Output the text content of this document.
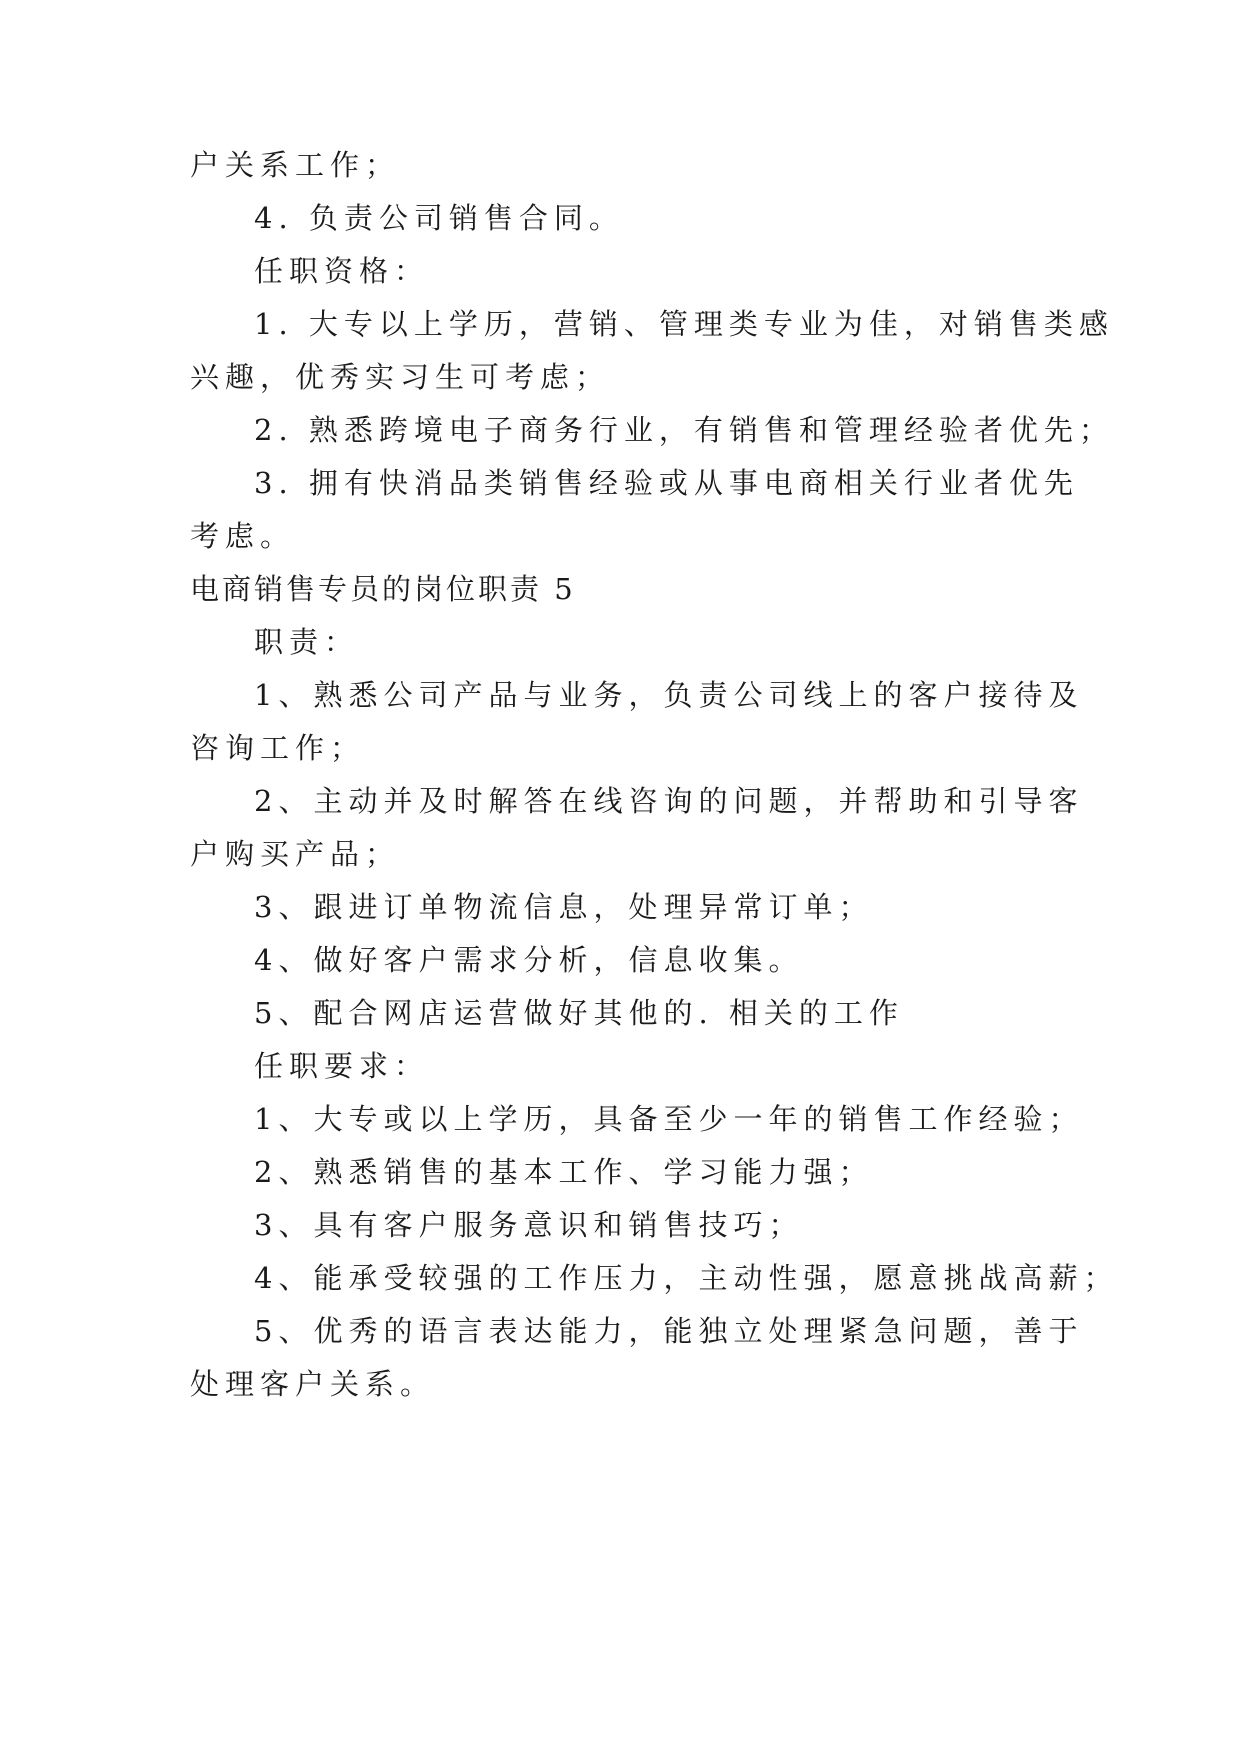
户关系工作；
4. 负责公司销售合同。
任职资格：
1. 大专以上学历，营销、管理类专业为佳，对销售类感
兴趣，优秀实习生可考虑；
2. 熟悉跨境电子商务行业，有销售和管理经验者优先；
3. 拥有快消品类销售经验或从事电商相关行业者优先
考虑。
电商销售专员的岗位职责 5
职责：
1、熟悉公司产品与业务，负责公司线上的客户接待及
咨询工作；
2、主动并及时解答在线咨询的问题，并帮助和引导客
户购买产品；
3、跟进订单物流信息，处理异常订单；
4、做好客户需求分析，信息收集。
5、配合网店运营做好其他的. 相关的工作
任职要求：
1、大专或以上学历，具备至少一年的销售工作经验；
2、熟悉销售的基本工作、学习能力强；
3、具有客户服务意识和销售技巧；
4、能承受较强的工作压力，主动性强，愿意挑战高薪；
5、优秀的语言表达能力，能独立处理紧急问题，善于
处理客户关系。
